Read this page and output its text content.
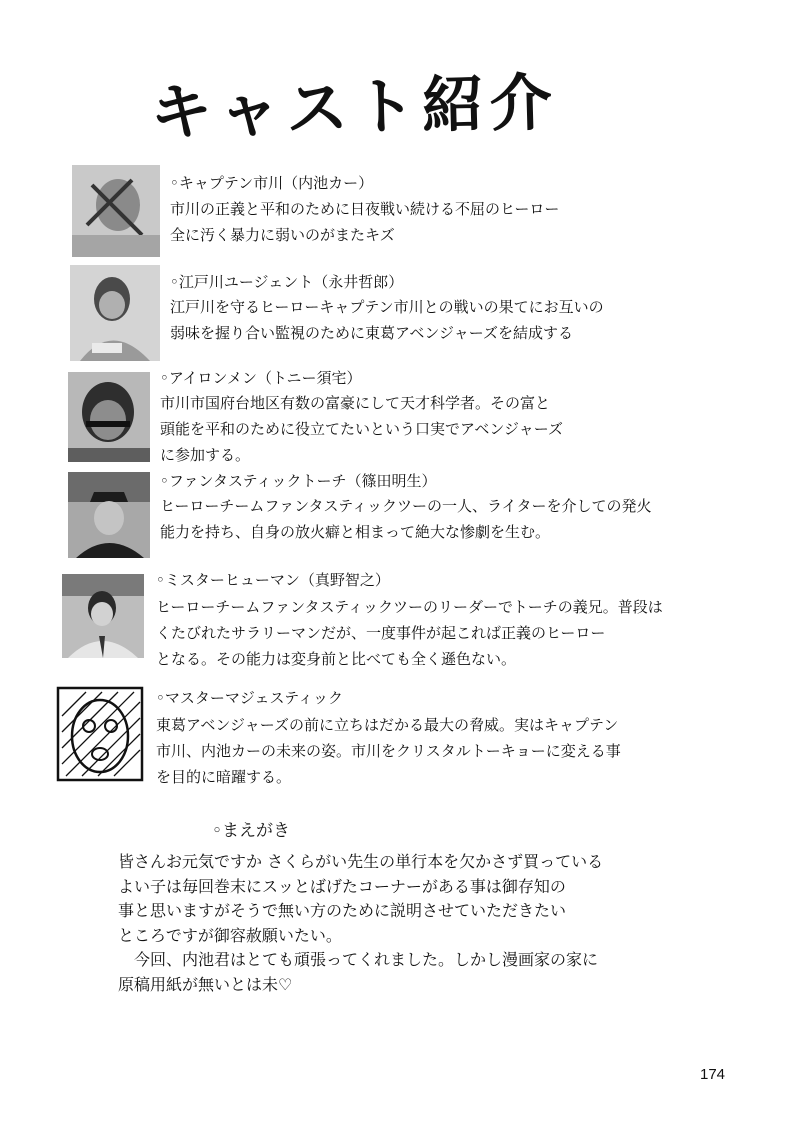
キャスト紹介
◦キャプテン市川（内池カー）
市川の正義と平和のために日夜戦い続ける不屈のヒーロー
全に汚く暴力に弱いのがまたキズ
◦江戸川ユージェント（永井哲郎）
江戸川を守るヒーローキャプテン市川との戦いの果てにお互いの
弱味を握り合い監視のために東葛アベンジャーズを結成する
◦アイロンメン（トニー須宅）
市川市国府台地区有数の富豪にして天才科学者。その富と
頭能を平和のために役立てたいという口実でアベンジャーズ
に参加する。
◦ファンタスティックトーチ（篠田明生）
ヒーローチームファンタスティックツーの一人、ライターを介しての発火
能力を持ち、自身の放火癖と相まって絶大な惨劇を生む。
◦ミスターヒューマン（真野智之）
ヒーローチームファンタスティックツーのリーダーでトーチの義兄。普段は
くたびれたサラリーマンだが、一度事件が起これば正義のヒーロー
となる。その能力は変身前と比べても全く遜色ない。
◦マスターマジェスティック
東葛アベンジャーズの前に立ちはだかる最大の脅威。実はキャプテン
市川、内池カーの未来の姿。市川をクリスタルトーキョーに変える事
を目的に暗躍する。
◦まえがき
皆さんお元気ですか さくらがい先生の単行本を欠かさず買っている
よい子は毎回巻末にスッとばげたコーナーがある事は御存知の
事と思いますがそうで無い方のために説明させていただきたい
ところですが御容赦願いたい。
　今回、内池君はとても頑張ってくれました。しかし漫画家の家に
原稿用紙が無いとは未♡
174
